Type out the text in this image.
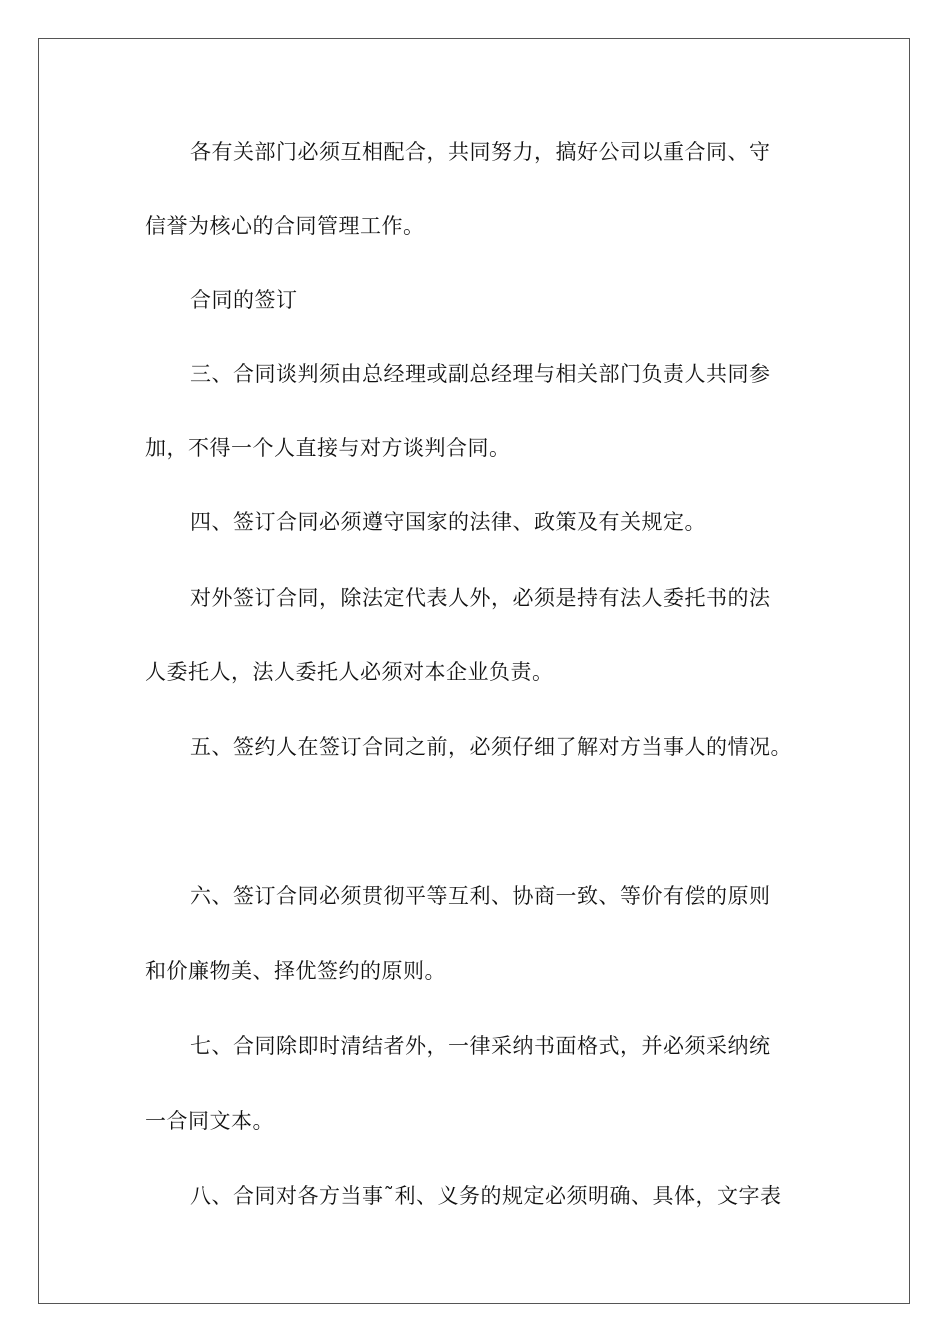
各有关部门必须互相配合，共同努力，搞好公司以重合同、守
信誉为核心的合同管理工作。
合同的签订
三、合同谈判须由总经理或副总经理与相关部门负责人共同参
加，不得一个人直接与对方谈判合同。
四、签订合同必须遵守国家的法律、政策及有关规定。
对外签订合同，除法定代表人外，必须是持有法人委托书的法
人委托人，法人委托人必须对本企业负责。
五、签约人在签订合同之前，必须仔细了解对方当事人的情况。
六、签订合同必须贯彻平等互利、协商一致、等价有偿的原则
和价廉物美、择优签约的原则。
七、合同除即时清结者外，一律采纳书面格式，并必须采纳统
一合同文本。
八、合同对各方当事˜利、义务的规定必须明确、具体，文字表
